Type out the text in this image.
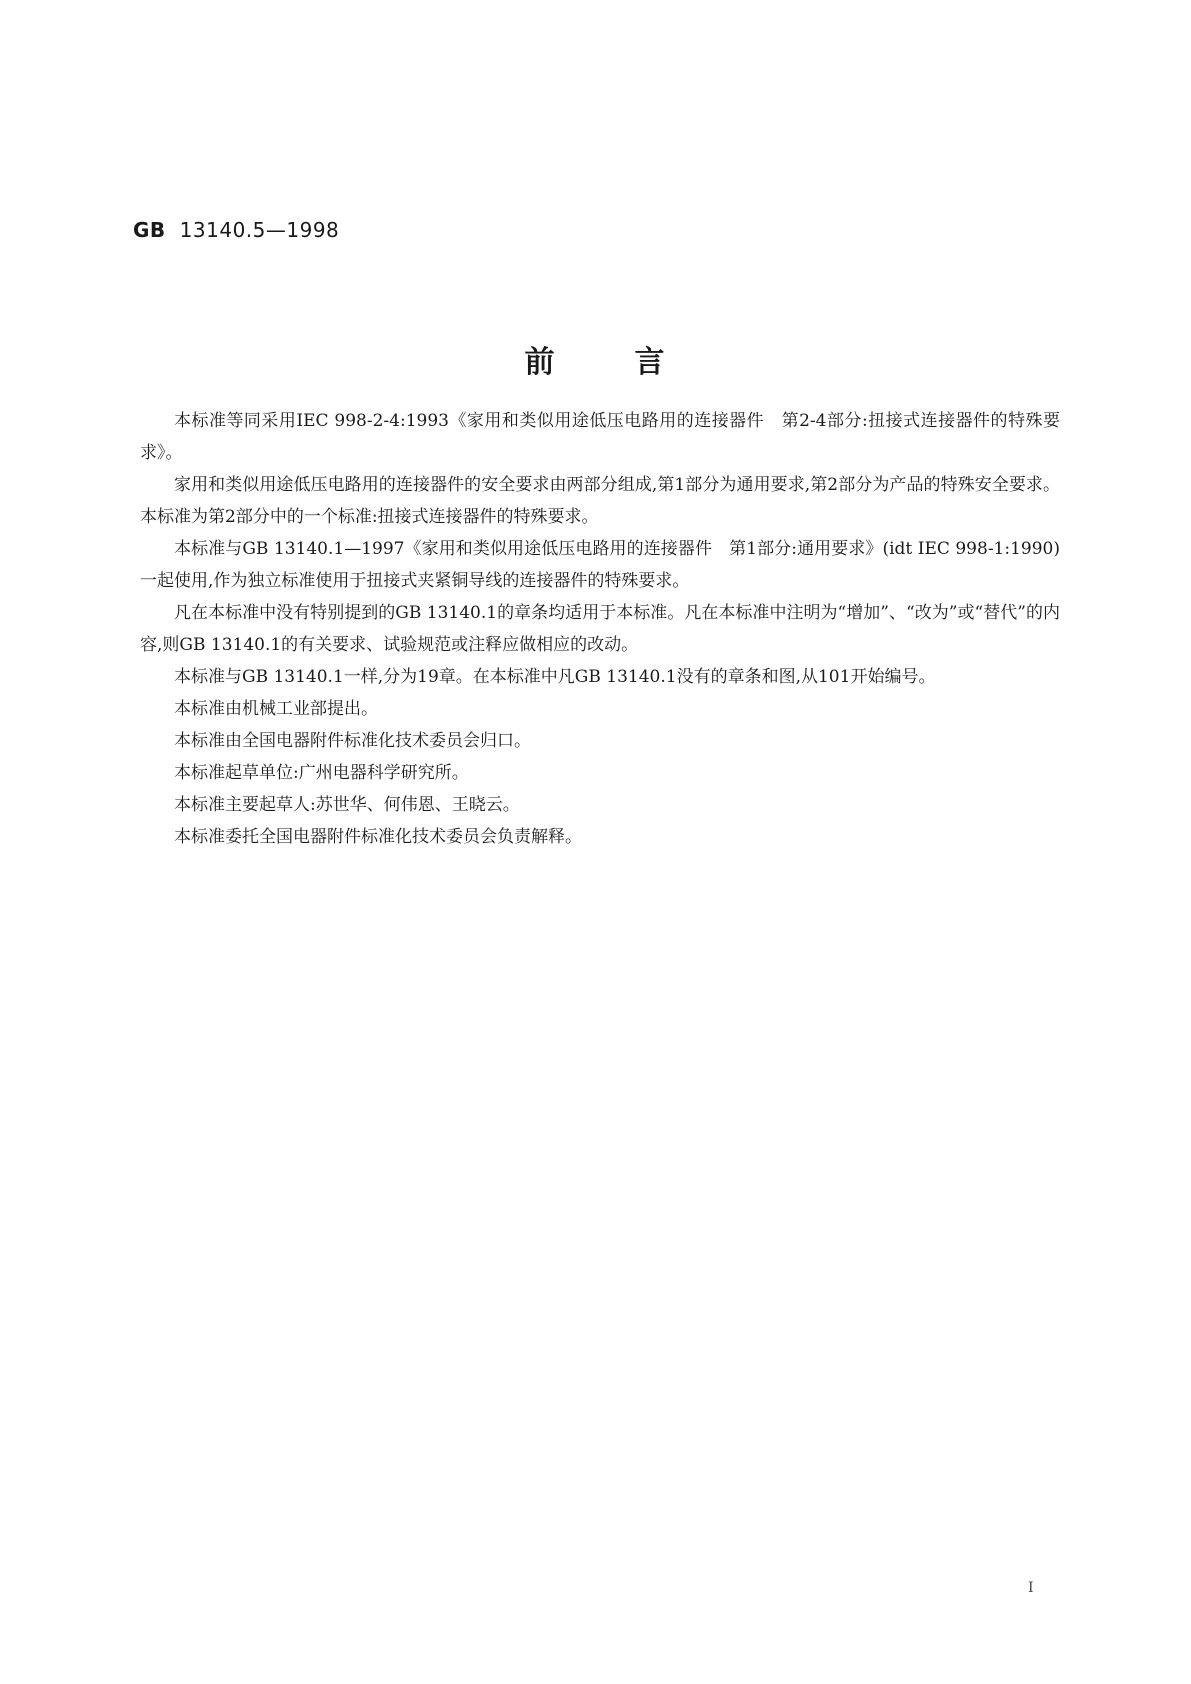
GB 13140.5—1998
前	言

本标准等同采用IEC 998-2-4:1993《家用和类似用途低压电路用的连接器件　第2-4部分:扭接式连接器件的特殊要求》。

家用和类似用途低压电路用的连接器件的安全要求由两部分组成,第1部分为通用要求,第2部分为产品的特殊安全要求。本标准为第2部分中的一个标准:扭接式连接器件的特殊要求。

本标准与GB 13140.1—1997《家用和类似用途低压电路用的连接器件　第1部分:通用要求》(idt IEC 998-1:1990)一起使用,作为独立标准使用于扭接式夹紧铜导线的连接器件的特殊要求。

凡在本标准中没有特别提到的GB 13140.1的章条均适用于本标准。凡在本标准中注明为“增加”、“改为”或“替代”的内容,则GB 13140.1的有关要求、试验规范或注释应做相应的改动。

本标准与GB 13140.1一样,分为19章。在本标准中凡GB 13140.1没有的章条和图,从101开始编号。

本标准由机械工业部提出。

本标准由全国电器附件标准化技术委员会归口。

本标准起草单位:广州电器科学研究所。

本标准主要起草人:苏世华、何伟恩、王晓云。

本标准委托全国电器附件标准化技术委员会负责解释。

I
